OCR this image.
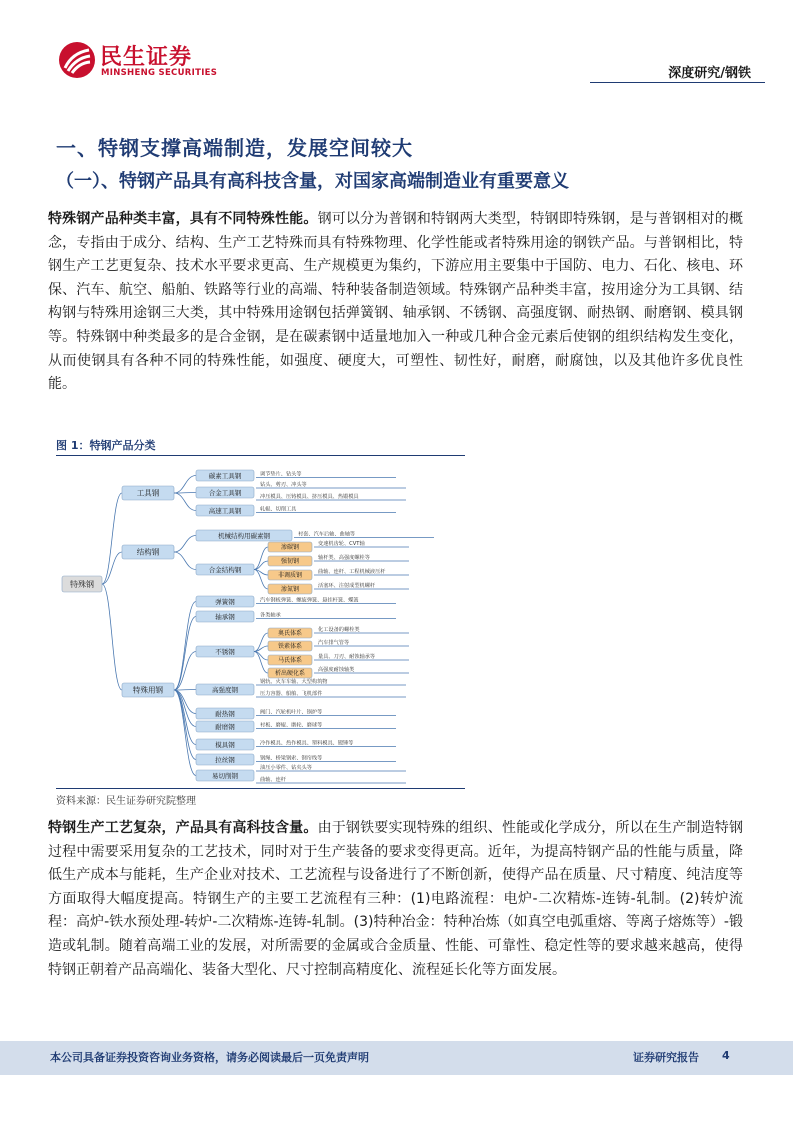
民生证券
MINSHENG SECURITIES	深度研究/钢铁
一、特钢支撑高端制造，发展空间较大
（一）、特钢产品具有高科技含量，对国家高端制造业有重要意义
特殊钢产品种类丰富，具有不同特殊性能。钢可以分为普钢和特钢两大类型，特钢即特殊钢，是与普钢相对的概念，专指由于成分、结构、生产工艺特殊而具有特殊物理、化学性能或者特殊用途的钢铁产品。与普钢相比，特钢生产工艺更复杂、技术水平要求更高、生产规模更为集约，下游应用主要集中于国防、电力、石化、核电、环保、汽车、航空、船舶、铁路等行业的高端、特种装备制造领域。特殊钢产品种类丰富，按用途分为工具钢、结构钢与特殊用途钢三大类，其中特殊用途钢包括弹簧钢、轴承钢、不锈钢、高强度钢、耐热钢、耐磨钢、模具钢等。特殊钢中种类最多的是合金钢，是在碳素钢中适量地加入一种或几种合金元素后使钢的组织结构发生变化，从而使钢具有各种不同的特殊性能，如强度、硬度大，可塑性、韧性好，耐磨，耐腐蚀，以及其他许多优良性能。
图 1：特钢产品分类
特殊钢
工具钢
碳素工具钢	调节垫片、钻头等
合金工具钢
钻头、剪刃、冲头等
冲压模具、压铸模具、挤压模具、热锻模具
高速工具钢	轧辊、切削工具
结构钢
机械结构用碳素钢	衬套、汽车后轴、曲轴等
合金结构钢
渗碳钢
变速机齿轮、CVT轴
强韧钢
轴杆类、高强度螺栓等
非调质钢
曲轴、连杆、工程机械液压杆
渗氮钢
活塞环、注射成型机螺杆
特殊用钢
弹簧钢	汽车钢板弹簧、螺旋弹簧、悬挂杆簧、蝶簧
轴承钢	各类轴承
不锈钢
奥氏体系
化工设备的螺栓类
铁素体系
汽车排气管等
马氏体系
量具、刀刃、耐蚀轴承等
析出硬化系
高强度耐蚀轴类
高强度钢
钢轨、火车车轴、大型构筑物
压力容器、船舶、飞机部件
耐热钢	阀门、汽轮机叶片、锅炉等
耐磨钢	衬板、磨辊、磨轮、磨球等
模具钢	冷作模具、热作模具、塑料模具、锻锤等
拉丝钢	钢绳、桥梁钢索、钢帘线等
易切削钢
油压小零件、钻夹头等
曲轴、连杆
资料来源：民生证券研究院整理
特钢生产工艺复杂，产品具有高科技含量。由于钢铁要实现特殊的组织、性能或化学成分，所以在生产制造特钢过程中需要采用复杂的工艺技术，同时对于生产装备的要求变得更高。近年，为提高特钢产品的性能与质量，降低生产成本与能耗，生产企业对技术、工艺流程与设备进行了不断创新，使得产品在质量、尺寸精度、纯洁度等方面取得大幅度提高。特钢生产的主要工艺流程有三种：(1)电路流程：电炉-二次精炼-连铸-轧制。(2)转炉流程：高炉-铁水预处理-转炉-二次精炼-连铸-轧制。(3)特种冶金：特种冶炼（如真空电弧重熔、等离子熔炼等）-锻造或轧制。随着高端工业的发展，对所需要的金属或合金质量、性能、可靠性、稳定性等的要求越来越高，使得特钢正朝着产品高端化、装备大型化、尺寸控制高精度化、流程延长化等方面发展。
本公司具备证券投资咨询业务资格，请务必阅读最后一页免责声明	证券研究报告 4
